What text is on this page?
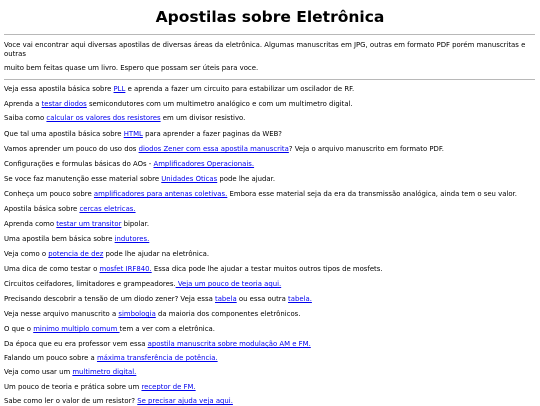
Apostilas sobre Eletrônica

Voce vai encontrar aqui diversas apostilas de diversas áreas da eletrônica. Algumas manuscritas em JPG, outras em formato PDF porém manuscritas e outras

muito bem feitas quase um livro. Espero que possam ser úteis para voce.

Veja essa apostila básica sobre PLL e aprenda a fazer um circuito para estabilizar um oscilador de RF.
Aprenda a testar diodos semicondutores com um multimetro analógico e com um multimetro digital.
Saiba como calcular os valores dos resistores em um divisor resistivo.
Que tal uma apostila básica sobre HTML para aprender a fazer paginas da WEB?
Vamos aprender um pouco do uso dos diodos Zener com essa apostila manuscrita? Veja o arquivo manuscrito em formato PDF.
Configurações e formulas básicas do AOs - Amplificadores Operacionais.
Se voce faz manutenção esse material sobre Unidades Óticas pode lhe ajudar.
Conheça um pouco sobre amplificadores para antenas coletivas. Embora esse material seja da era da transmissão analógica, ainda tem o seu valor.
Apostila básica sobre cercas eletricas.
Aprenda como testar um transitor bipolar.
Uma apostila bem básica sobre indutores.
Veja como o potencia de dez pode lhe ajudar na eletrônica.
Uma dica de como testar o mosfet IRF840. Essa dica pode lhe ajudar a testar muitos outros tipos de mosfets.
Circuitos ceifadores, limitadores e grampeadores. Veja um pouco de teoria aqui.
Precisando descobrir a tensão de um diodo zener? Veja essa tabela ou essa outra tabela.
Veja nesse arquivo manuscrito a simbologia da maioria dos componentes eletrônicos.
O que o minimo multiplo comum tem a ver com a eletrônica.
Da época que eu era professor vem essa apostila manuscrita sobre modulação AM e FM.
Falando um pouco sobre a máxima transferência de potência.
Veja como usar um multimetro digital.
Um pouco de teoria e prática sobre um receptor de FM.
Sabe como ler o valor de um resistor? Se precisar ajuda veja aqui.
